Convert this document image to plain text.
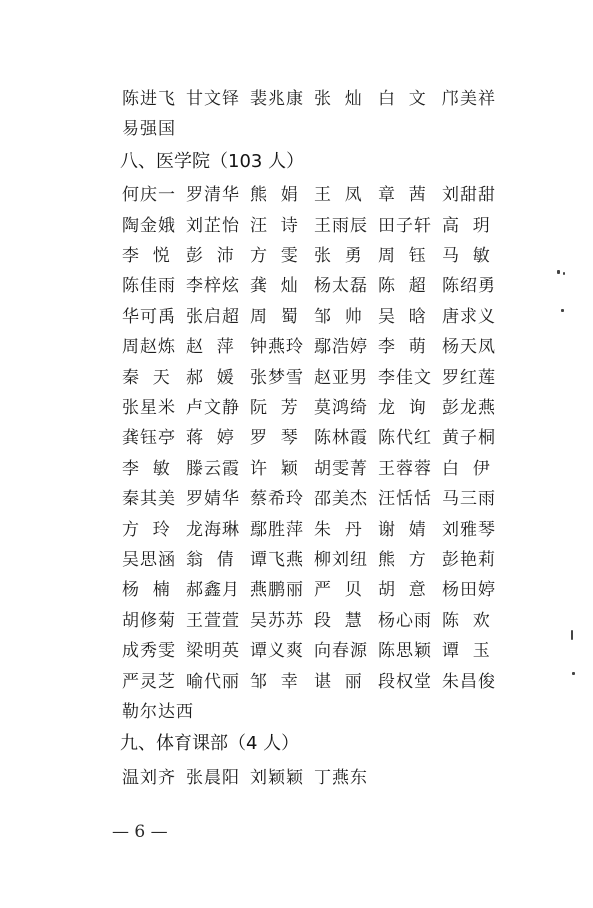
陈进飞 甘文铎 裴兆康 张  灿 白  文 邝美祥
易强国
八、医学院（103 人）
何庆一 罗清华 熊  娟 王  凤 章  茜 刘甜甜
陶金娥 刘芷怡 汪  诗 王雨辰 田子轩 高  玥
李  悦 彭  沛 方  雯 张  勇 周  钰 马  敏
陈佳雨 李梓炫 龚  灿 杨太磊 陈  超 陈绍勇
华可禹 张启超 周  蜀 邹  帅 吴  晗 唐求义
周赵炼 赵  萍 钟燕玲 鄢浩婷 李  萌 杨天凤
秦  天 郝  媛 张梦雪 赵亚男 李佳文 罗红莲
张星米 卢文静 阮  芳 莫鸿绮 龙  询 彭龙燕
龚钰亭 蒋  婷 罗  琴 陈林霞 陈代红 黄子桐
李  敏 滕云霞 许  颖 胡雯菁 王蓉蓉 白  伊
秦其美 罗婧华 蔡希玲 邵美杰 汪恬恬 马三雨
方  玲 龙海琳 鄢胜萍 朱  丹 谢  婧 刘雅琴
吴思涵 翁  倩 谭飞燕 柳刘纽 熊  方 彭艳莉
杨  楠 郝鑫月 燕鹏丽 严  贝 胡  意 杨田婷
胡修菊 王萱萱 吴苏苏 段  慧 杨心雨 陈  欢
成秀雯 梁明英 谭义爽 向春源 陈思颖 谭  玉
严灵芝 喻代丽 邹  幸 谌  丽 段权堂 朱昌俊
勒尔达西
九、体育课部（4 人）
温刘齐 张晨阳 刘颖颖 丁燕东
— 6 —
